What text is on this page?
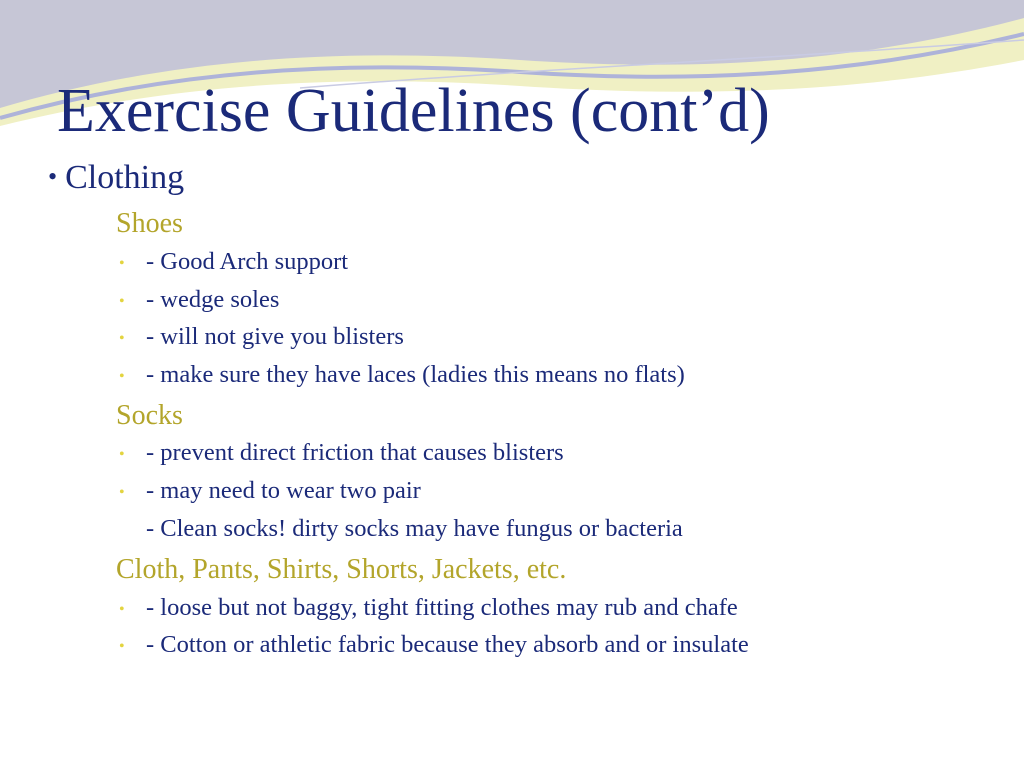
Exercise Guidelines (cont’d)
• Clothing
Shoes
• - Good Arch support
• - wedge soles
• - will not give you blisters
• - make sure they have laces (ladies this means no flats)
Socks
• - prevent direct friction that causes blisters
• - may need to wear two pair
- Clean socks! dirty socks may have fungus or bacteria
Cloth, Pants, Shirts, Shorts, Jackets, etc.
• - loose but not baggy, tight fitting clothes may rub and chafe
• - Cotton or athletic fabric because they absorb and or insulate
